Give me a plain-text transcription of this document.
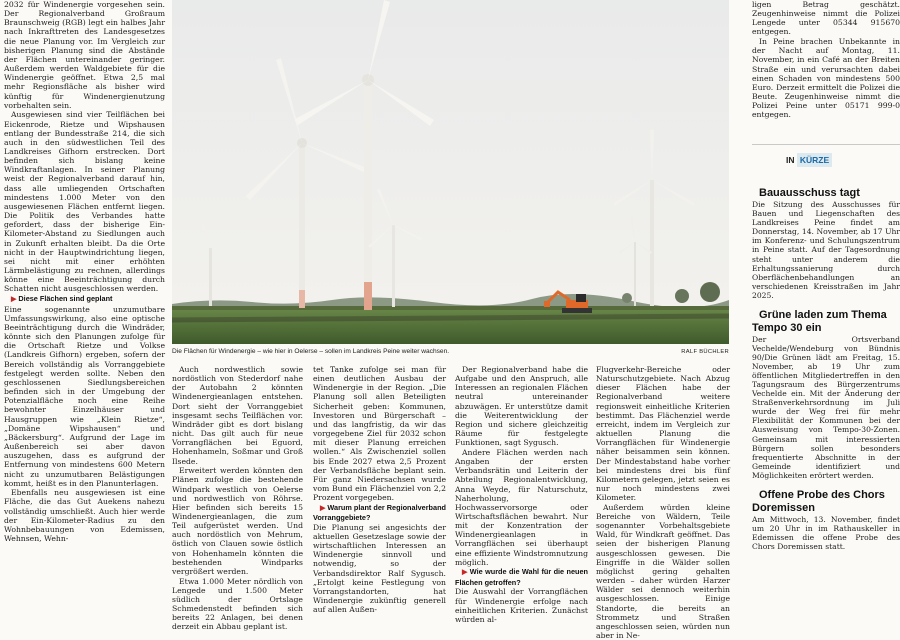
2032 für Windenergie vorgesehen sein. Der Regionalverband Großraum Braunschweig (RGB) legt ein halbes Jahr nach Inkrafttreten des Landesgesetzes die neue Planung vor. Im Vergleich zur bisherigen Planung sind die Abstände der Flächen untereinander geringer. Außerdem werden Waldgebiete für die Windenergie geöffnet. Etwa 2,5 mal mehr Regionsfläche als bisher wird künftig für Windenergienutzung vorbehalten sein.

Ausgewiesen sind vier Teilflächen bei Eickenrode, Rietze und Wipshausen entlang der Bundesstraße 214, die sich auch in den südwestlichen Teil des Landkreises Gifhorn erstrecken. Dort befinden sich bislang keine Windkraftanlagen. In seiner Planung weist der Regionalverband darauf hin, dass alle umliegenden Ortschaften mindestens 1.000 Meter von den ausgewiesenen Flächen entfernt liegen. Die Politik des Verbandes hatte gefordert, dass der bisherige Ein-Kilometer-Abstand zu Siedlungen auch in Zukunft erhalten bleibt. Da die Orte nicht in der Hauptwindrichtung liegen, sei nicht mit einer erhöhten Lärmbelästigung zu rechnen, allerdings könne eine Beeinträchtigung durch Schatten nicht ausgeschlossen werden.

▶ Diese Flächen sind geplant

Eine sogenannte unzumutbare Umfassungswirkung, also eine optische Beeinträchtigung durch die Windräder, könnte sich den Planungen zufolge für die Ortschaft Rietze und Volkse (Landkreis Gifhorn) ergeben, sofern der Bereich vollständig als Vorranggebiete festgelegt werden sollte. Neben den geschlossenen Siedlungsbereichen befinden sich in der Umgebung der Potenzialfläche noch eine Reihe bewohnter Einzelhäuser und Hausgruppen wie „Klein Rietze“, „Domäne Wipshausen“ und „Bäckersburg“. Aufgrund der Lage im Außenbereich sei aber davon auszugehen, dass es aufgrund der Entfernung von mindestens 600 Metern nicht zu unzumutbaren Belästigungen kommt, heißt es in den Planunterlagen.

Ebenfalls neu ausgewiesen ist eine Fläche, die das Gut Auekens nahezu vollständig umschließt. Auch hier werde der Ein-Kilometer-Radius zu den Wohnbebauungen von Edemissen, Wehnsen, Wehn-

Die Flächen für Windenergie – wie hier in Oelerse – sollen im Landkreis Peine weiter wachsen.	RALF BÜCHLER

Auch nordwestlich sowie nordöstlich von Stederdorf nahe der Autobahn 2 könnten Windenergieanlagen entstehen. Dort sieht der Vorranggebiet insgesamt sechs Teilflächen vor. Windräder gibt es dort bislang nicht. Das gilt auch für neue Vorrangflächen bei Eguord, Hohenhameln, Soßmar und Groß Ilsede.

Erweitert werden könnten den Plänen zufolge die bestehende Windpark westlich von Oelerse und nordwestlich von Röhrse. Hier befinden sich bereits 15 Windenergieanlagen, die zum Teil aufgerüstet werden. Und auch nordöstlich von Mehrum, östlich von Clauen sowie östlich von Hohenhameln könnten die bestehenden Windparks vergrößert werden.

Etwa 1.000 Meter nördlich von Lengede und 1.500 Meter südlich der Ortslage Schmedenstedt befinden sich bereits 22 Anlagen, bei denen derzeit ein Abbau geplant ist.

tet Tanke zufolge sei man für einen deutlichen Ausbau der Windenergie in der Region. „Die Planung soll allen Beteiligten Sicherheit geben: Kommunen, Investoren und Bürgerschaft – und das langfristig, da wir das vorgegebene Ziel für 2032 schon mit dieser Planung erreichen wollen.“ Als Zwischenziel sollen bis Ende 2027 etwa 2,5 Prozent der Verbandsfläche beplant sein. Für ganz Niedersachsen wurde vom Bund ein Flächenziel von 2,2 Prozent vorgegeben.

▶ Warum plant der Regionalverband Vorranggebiete?

Die Planung sei angesichts der aktuellen Gesetzeslage sowie der wirtschaftlichen Interessen an Windenergie sinnvoll und notwendig, so der Verbandsdirektor Ralf Sygusch. „Ertolgt keine Festlegung von Vorrangstandorten, hat Windenergie zukünftig generell auf allen Außen-

Der Regionalverband habe die Aufgabe und den Anspruch, alle Interessen an regionalen Flächen neutral untereinander abzuwägen. Er unterstütze damit die Weiterentwicklung der Region und sichere gleichzeitig Räume für festgelegte Funktionen, sagt Sygusch.

Andere Flächen werden nach Angaben der ersten Verbandsrätin und Leiterin der Abteilung Regionalentwicklung, Anna Weyde, für Naturschutz, Naherholung, Hochwasservorsorge oder Wirtschaftsflächen bewahrt. Nur mit der Konzentration der Windenergieanlagen in Vorrangflächen sei überhaupt eine effiziente Windstromnutzung möglich.

▶ Wie wurde die Wahl für die neuen Flächen getroffen?

Die Auswahl der Vorrangflächen für Windenergie erfolge nach einheitlichen Kriterien. Zunächst würden al-

Flugverkehr-Bereiche oder Naturschutzgebiete. Nach Abzug dieser Flächen habe der Regionalverband weitere regionsweit einheitliche Kriterien bestimmt. Das Flächenziel werde erreicht, indem im Vergleich zur aktuellen Planung die Vorrangflächen für Windenergie näher beisammen sein können. Der Mindestabstand habe vorher bei mindestens drei bis fünf Kilometern gelegen, jetzt seien es nur noch mindestens zwei Kilometer.

Außerdem würden kleine Bereiche von Wäldern, Teile sogenannter Vorbehaltsgebiete Wald, für Windkraft geöffnet. Das seien der bisherigen Planung ausgeschlossen gewesen. Die Eingriffe in die Wälder sollen möglichst gering gehalten werden – daher würden Harzer Wälder sei dennoch weiterhin ausgeschlossen. Einige Standorte, die bereits an Strommetz und Straßen angeschlossen seien, würden nun aber in Ne-

ligen Betrag geschätzt. Zeugenhinweise nimmt die Polizei Lengede unter 05344 915670 entgegen.

In Peine brachen Unbekannte in der Nacht auf Montag, 11. November, in ein Café an der Breiten Straße ein und verursachten dabei einen Schaden von mindestens 500 Euro. Derzeit ermittelt die Polizei die Beute. Zeugenhinweise nimmt die Polizei Peine unter 05171 999-0 entgegen.

IN KÜRZE

Bauausschuss tagt

Die Sitzung des Ausschusses für Bauen und Liegenschaften des Landkreises Peine findet am Donnerstag, 14. November, ab 17 Uhr im Konferenz- und Schulungszentrum in Peine statt. Auf der Tagesordnung steht unter anderem die Erhaltungssanierung durch Oberflächenbehandlungen an verschiedenen Kreisstraßen im Jahr 2025.

Grüne laden zum Thema Tempo 30 ein

Der Ortsverband Vechelde/Wendeburg von Bündnis 90/Die Grünen lädt am Freitag, 15. November, ab 19 Uhr zum öffentlichen Mitgliedertreffen in den Tagungsraum des Bürgerzentrums Vechelde ein. Mit der Änderung der Straßenverkehrsordnung im Juli wurde der Weg frei für mehr Flexibilität der Kommunen bei der Ausweisung von Tempo-30-Zonen. Gemeinsam mit interessierten Bürgern sollen besonders frequentierte Abschnitte in der Gemeinde identifiziert und Möglichkeiten erörtert werden.

Offene Probe des Chors Doremissen

Am Mittwoch, 13. November, findet um 20 Uhr in im Rathauskeller in Edemissen die offene Probe des Chors Doremissen statt.
